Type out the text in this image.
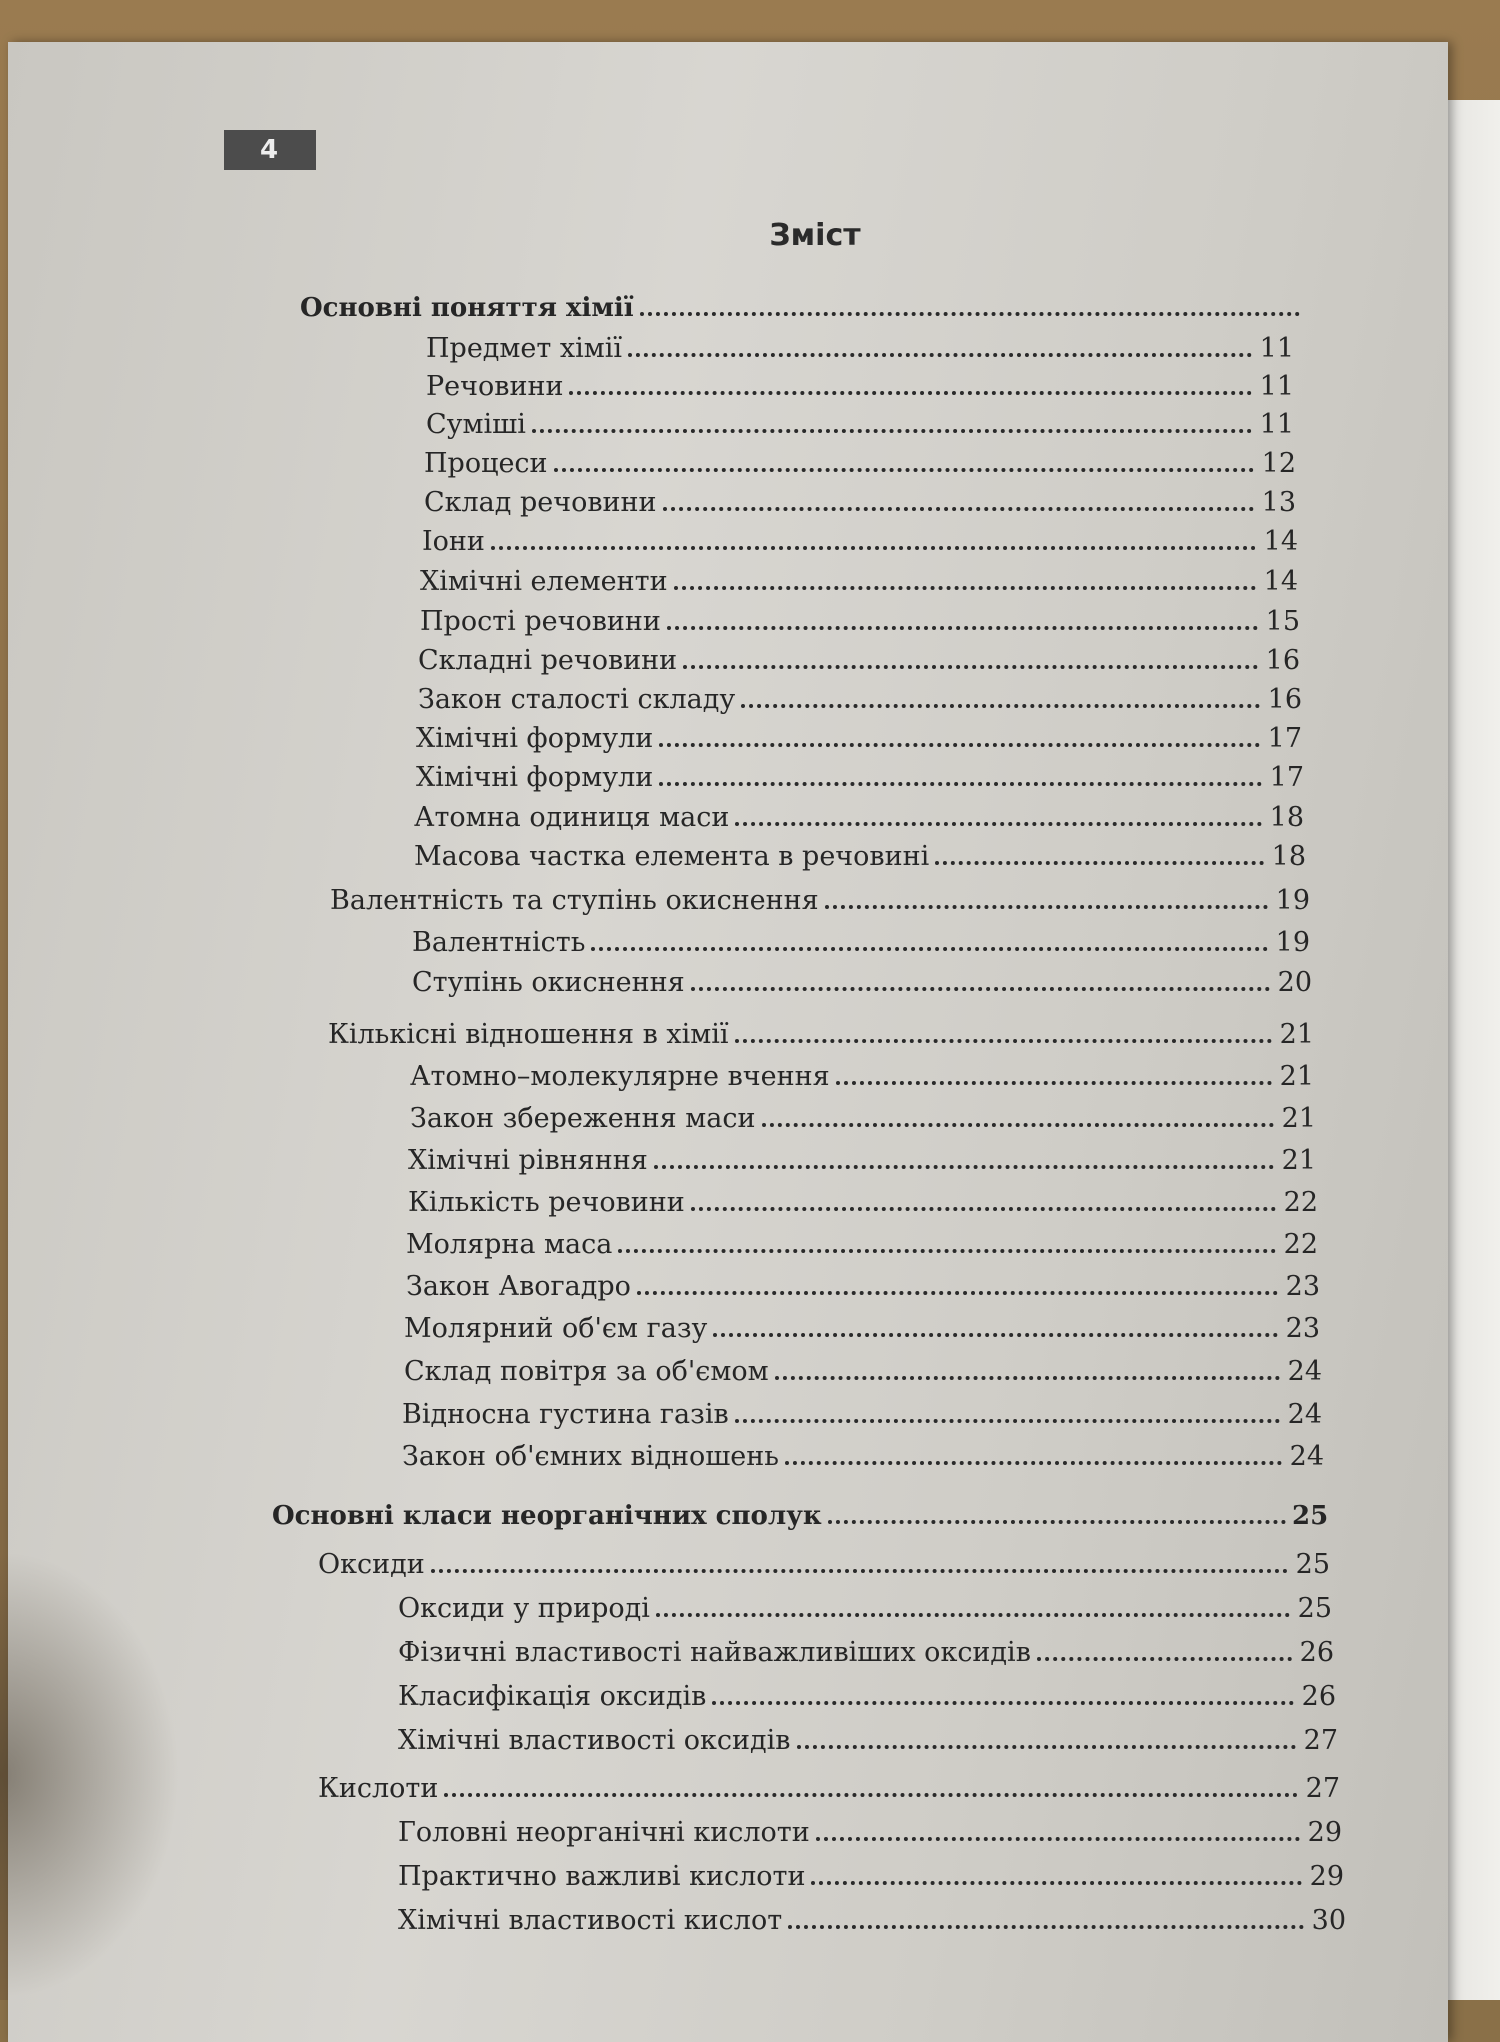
4
Зміст
Основні поняття хімії
Предмет хімії	11
Речовини	11
Суміші	11
Процеси	12
Склад речовини	13
Іони	14
Хімічні елементи	14
Прості речовини	15
Складні речовини	16
Закон сталості складу	16
Хімічні формули	17
Хімічні формули	17
Атомна одиниця маси	18
Масова частка елемента в речовині	18
Валентність та ступінь окиснення	19
Валентність	19
Ступінь окиснення	20
Кількісні відношення в хімії	21
Атомно–молекулярне вчення	21
Закон збереження маси	21
Хімічні рівняння	21
Кількість речовини	22
Молярна маса	22
Закон Авогадро	23
Молярний об'єм газу	23
Склад повітря за об'ємом	24
Відносна густина газів	24
Закон об'ємних відношень	24
Основні класи неорганічних сполук	25
Оксиди	25
Оксиди у природі	25
Фізичні властивості найважливіших оксидів	26
Класифікація оксидів	26
Хімічні властивості оксидів	27
Кислоти	27
Головні неорганічні кислоти	29
Практично важливі кислоти	29
Хімічні властивості кислот	30
